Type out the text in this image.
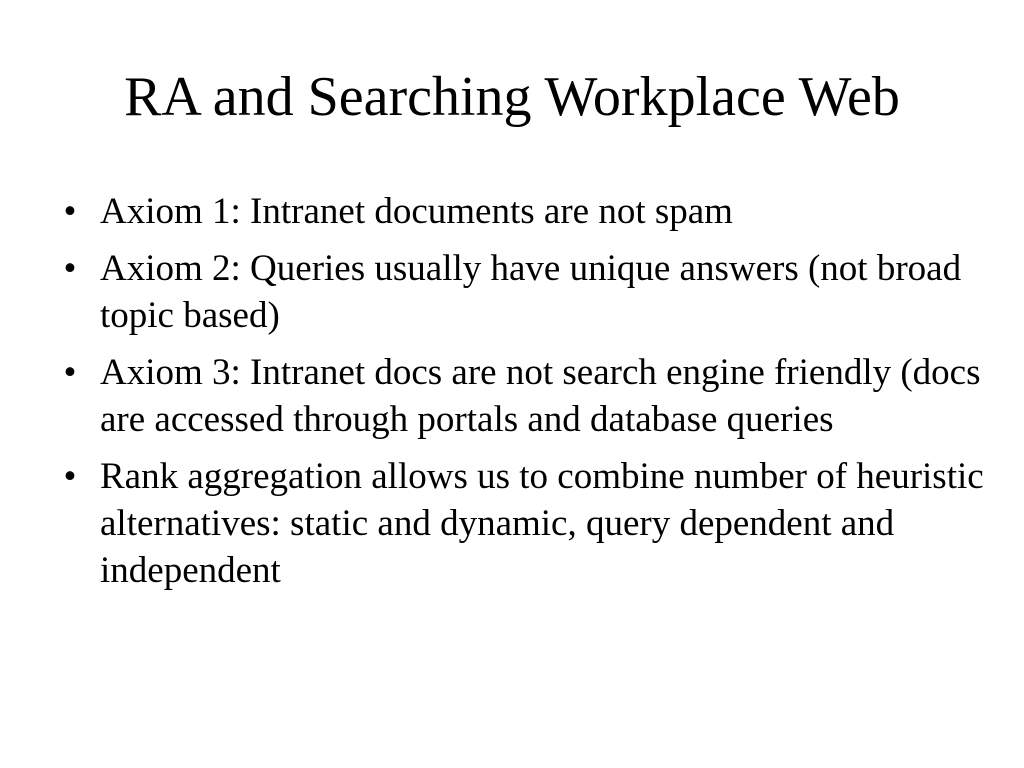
RA and Searching Workplace Web
• Axiom 1: Intranet documents are not spam
• Axiom 2: Queries usually have unique answers (not broad topic based)
• Axiom 3: Intranet docs are not search engine friendly (docs are accessed through portals and database queries
• Rank aggregation allows us to combine number of heuristic alternatives: static and dynamic, query dependent and independent
